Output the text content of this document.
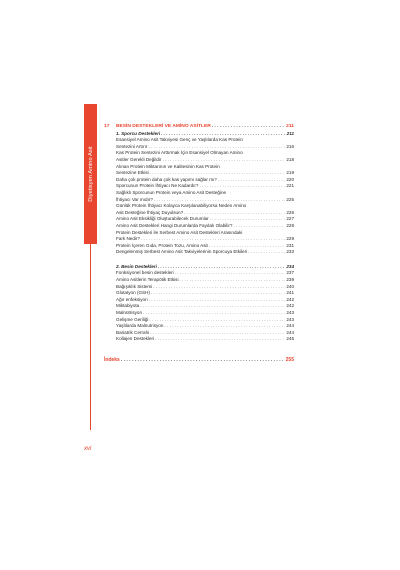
Diyetisyen Amino Asit
xvi
17 BESİN DESTEKLERİ VE AMİNO ASİTLER . . .	211
1. Sporcu Destekleri . . .	211
Esansiyel Amino Asit Takviyesi Genç ve Yaşlılarda Kas Protein
Sentezini Artırır . . .	216
Kas Protein Sentezini Arttırmak İçin Esansiyel Olmayan Amino
Asitler Gerekli Değildir . . .	218
Alınan Protein Miktarının ve Kalitesinin Kas Protein
Sentezine Etkisi . . .	219
Daha çok protein daha çok kas yapımı sağlar mı? . . .	220
Sporcunun Protein İhtiyacı Ne Kadardır? . . .	221
Sağlıklı Sporcunun Protein veya Amino Asit Desteğine
İhtiyacı Var mıdır? . . .	225
Günlük Protein İhtiyacı Kolayca Karşılanabiliyorsa Neden Amino
Asit Desteğine İhtiyaç Duyulsun? . . .	226
Amino Asit Eksikliği Oluşturabilecek Durumlar . . .	227
Amino Asit Destekleri Hangi Durumlarda Faydalı Olabilir? . . .	228
Protein Destekleri ile Serbest Amino Asit Destekleri Arasındaki
Fark Nedir? . . .	229
Protein İçeren Gıda, Protein Tozu, Amino Asit . . .	231
Dengelenmiş Serbest Amino Asit Takviyelerinin Sporcuya Etkileri . . .	233
2. Besin Destekleri . . .	234
Fonksiyonel besin destekleri . . .	237
Amino Asitlerin Terapötik Etkisi . . .	239
Bağışıklık Sistemi . . .	240
Glutatyon (GSH) . . .	241
Ağır enfeksiyon . . .	242
Miktabiyota . . .	242
Malnütrisyon . . .	243
Gelişme Geriliği . . .	243
Yaşlılarda Malnutrisyon . . .	244
Bariatrik Cerrahi . . .	244
Kollajen Destekleri . . .	245
İndeks . . .	255
